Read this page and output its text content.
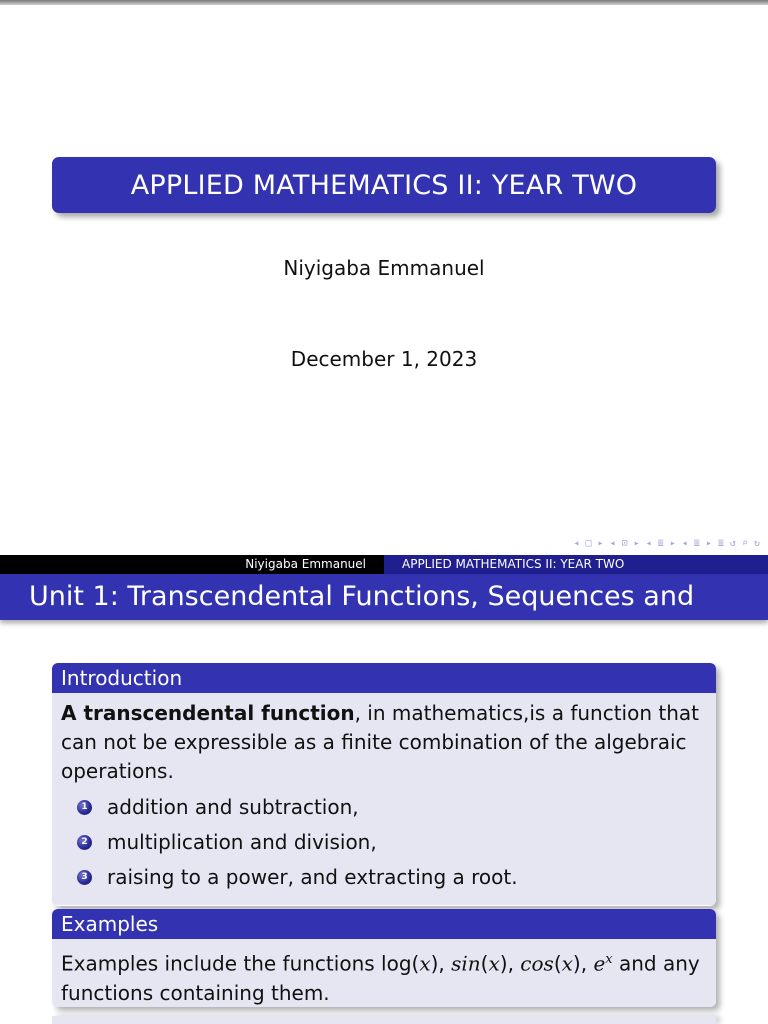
APPLIED MATHEMATICS II: YEAR TWO
Niyigaba Emmanuel
December 1, 2023
◂ □ ▸ ◂ ⊡ ▸ ◂ ≣ ▸ ◂ ≣ ▸ ≣ ↺ ⌕ ↻
Niyigaba Emmanuel	APPLIED MATHEMATICS II: YEAR TWO
Unit 1: Transcendental Functions, Sequences and Series
Introduction
A transcendental function, in mathematics,is a function that can not be expressible as a finite combination of the algebraic operations.
1 addition and subtraction,
2 multiplication and division,
3 raising to a power, and extracting a root.
Examples
Examples include the functions log(x), sin(x), cos(x), $e^x$ and any functions containing them.
